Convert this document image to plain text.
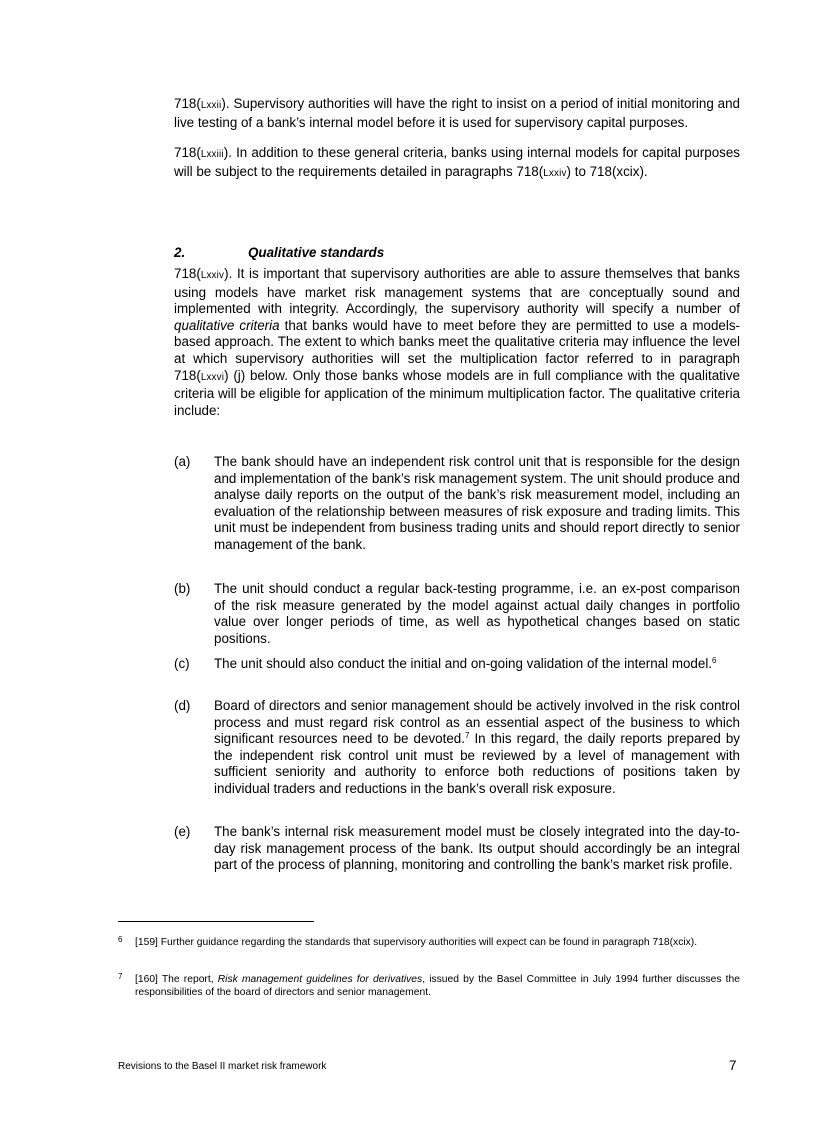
718(Lxxii). Supervisory authorities will have the right to insist on a period of initial monitoring and live testing of a bank’s internal model before it is used for supervisory capital purposes.

718(Lxxiii). In addition to these general criteria, banks using internal models for capital purposes will be subject to the requirements detailed in paragraphs 718(Lxxiv) to 718(xcix).

2.	Qualitative standards

718(Lxxiv). It is important that supervisory authorities are able to assure themselves that banks using models have market risk management systems that are conceptually sound and implemented with integrity. Accordingly, the supervisory authority will specify a number of qualitative criteria that banks would have to meet before they are permitted to use a models-based approach. The extent to which banks meet the qualitative criteria may influence the level at which supervisory authorities will set the multiplication factor referred to in paragraph 718(Lxxvi) (j) below. Only those banks whose models are in full compliance with the qualitative criteria will be eligible for application of the minimum multiplication factor. The qualitative criteria include:

(a)	The bank should have an independent risk control unit that is responsible for the design and implementation of the bank’s risk management system. The unit should produce and analyse daily reports on the output of the bank’s risk measurement model, including an evaluation of the relationship between measures of risk exposure and trading limits. This unit must be independent from business trading units and should report directly to senior management of the bank.
(b)	The unit should conduct a regular back-testing programme, i.e. an ex-post comparison of the risk measure generated by the model against actual daily changes in portfolio value over longer periods of time, as well as hypothetical changes based on static positions.
(c)	The unit should also conduct the initial and on-going validation of the internal model.$^6$
(d)	Board of directors and senior management should be actively involved in the risk control process and must regard risk control as an essential aspect of the business to which significant resources need to be devoted.$^7$ In this regard, the daily reports prepared by the independent risk control unit must be reviewed by a level of management with sufficient seniority and authority to enforce both reductions of positions taken by individual traders and reductions in the bank’s overall risk exposure.
(e)	The bank’s internal risk measurement model must be closely integrated into the day-to-day risk management process of the bank. Its output should accordingly be an integral part of the process of planning, monitoring and controlling the bank’s market risk profile.
6 [159] Further guidance regarding the standards that supervisory authorities will expect can be found in paragraph 718(xcix).
7 [160] The report, Risk management guidelines for derivatives, issued by the Basel Committee in July 1994 further discusses the responsibilities of the board of directors and senior management.
Revisions to the Basel II market risk framework	7
